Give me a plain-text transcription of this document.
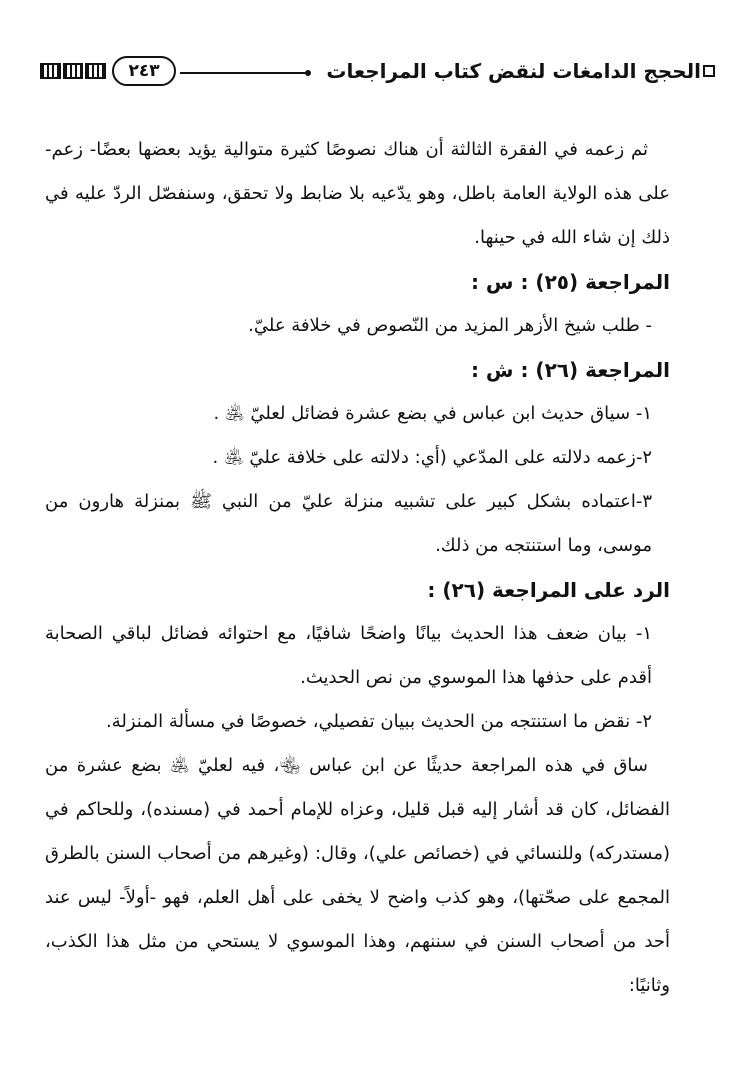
الحجج الدامغات لنقض كتاب المراجعات
٢٤٣

ثم زعمه في الفقرة الثالثة أن هناك نصوصًا كثيرة متوالية يؤيد بعضها بعضًا- زعم- على هذه الولاية العامة باطل، وهو يدّعيه بلا ضابط ولا تحقق، وسنفصّل الردّ عليه في ذلك إن شاء الله في حينها.

المراجعة (٢٥) : س :

- طلب شيخ الأزهر المزيد من النّصوص في خلافة عليّ.

المراجعة (٢٦) : ش :

١- سياق حديث ابن عباس في بضع عشرة فضائل لعليّ ﵁ .

٢-زعمه دلالته على المدّعي (أي: دلالته على خلافة عليّ ﵁ .

٣-اعتماده بشكل كبير على تشبيه منزلة عليّ من النبي ﷺ بمنزلة هارون من موسى، وما استنتجه من ذلك.

الرد على المراجعة (٢٦) :

١- بيان ضعف هذا الحديث بيانًا واضحًا شافيًا، مع احتوائه فضائل لباقي الصحابة أقدم على حذفها هذا الموسوي من نص الحديث.

٢- نقض ما استنتجه من الحديث ببيان تفصيلي، خصوصًا في مسألة المنزلة.

ساق في هذه المراجعة حديثًا عن ابن عباس ﵄، فيه لعليّ ﵁ بضع عشرة من الفضائل، كان قد أشار إليه قبل قليل، وعزاه للإمام أحمد في (مسنده)، وللحاكم في (مستدركه) وللنسائي في (خصائص علي)، وقال: (وغيرهم من أصحاب السنن بالطرق المجمع على صحّتها)، وهو كذب واضح لا يخفى على أهل العلم، فهو -أولاً- ليس عند أحد من أصحاب السنن في سننهم، وهذا الموسوي لا يستحي من مثل هذا الكذب، وثانيًا:
